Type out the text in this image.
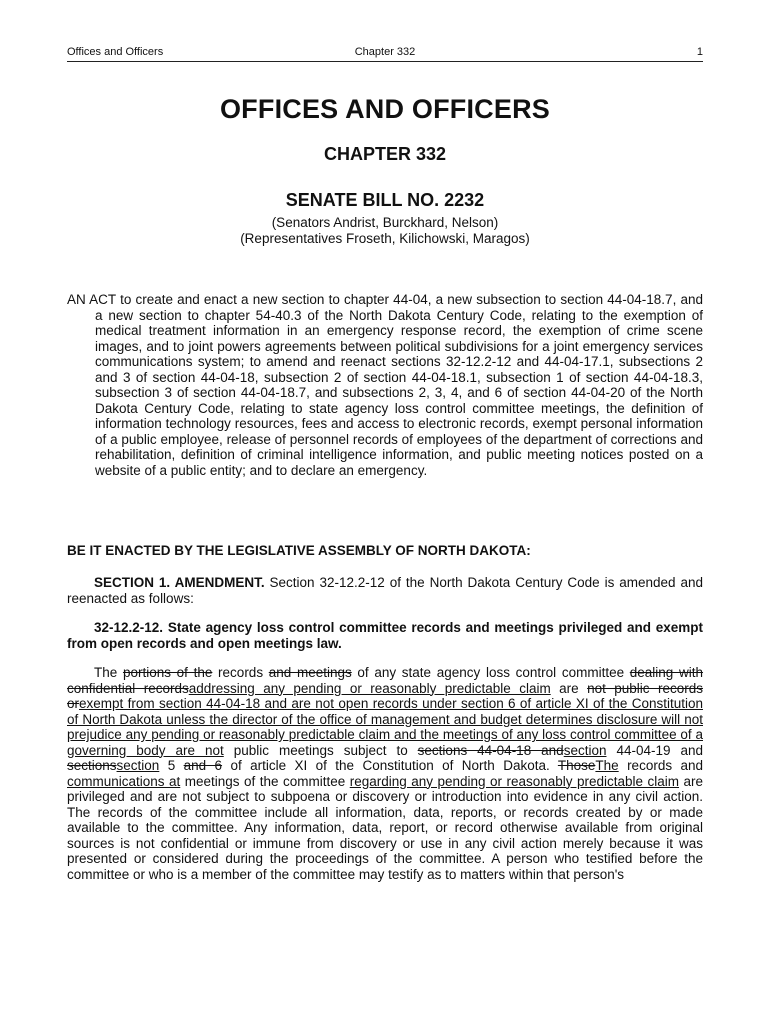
Offices and Officers	Chapter 332	1
OFFICES AND OFFICERS
CHAPTER 332
SENATE BILL NO. 2232
(Senators Andrist, Burckhard, Nelson)
(Representatives Froseth, Kilichowski, Maragos)
AN ACT to create and enact a new section to chapter 44-04, a new subsection to section 44-04-18.7, and a new section to chapter 54-40.3 of the North Dakota Century Code, relating to the exemption of medical treatment information in an emergency response record, the exemption of crime scene images, and to joint powers agreements between political subdivisions for a joint emergency services communications system; to amend and reenact sections 32-12.2-12 and 44-04-17.1, subsections 2 and 3 of section 44-04-18, subsection 2 of section 44-04-18.1, subsection 1 of section 44-04-18.3, subsection 3 of section 44-04-18.7, and subsections 2, 3, 4, and 6 of section 44-04-20 of the North Dakota Century Code, relating to state agency loss control committee meetings, the definition of information technology resources, fees and access to electronic records, exempt personal information of a public employee, release of personnel records of employees of the department of corrections and rehabilitation, definition of criminal intelligence information, and public meeting notices posted on a website of a public entity; and to declare an emergency.
BE IT ENACTED BY THE LEGISLATIVE ASSEMBLY OF NORTH DAKOTA:
SECTION 1. AMENDMENT. Section 32-12.2-12 of the North Dakota Century Code is amended and reenacted as follows:
32-12.2-12. State agency loss control committee records and meetings privileged and exempt from open records and open meetings law.
The portions of the records and meetings of any state agency loss control committee dealing with confidential recordsaddressing any pending or reasonably predictable claim are not public records orexempt from section 44-04-18 and are not open records under section 6 of article XI of the Constitution of North Dakota unless the director of the office of management and budget determines disclosure will not prejudice any pending or reasonably predictable claim and the meetings of any loss control committee of a governing body are not public meetings subject to sections 44-04-18 andsection 44-04-19 and sectionssection 5 and 6 of article XI of the Constitution of North Dakota. ThoseThe records and communications at meetings of the committee regarding any pending or reasonably predictable claim are privileged and are not subject to subpoena or discovery or introduction into evidence in any civil action. The records of the committee include all information, data, reports, or records created by or made available to the committee. Any information, data, report, or record otherwise available from original sources is not confidential or immune from discovery or use in any civil action merely because it was presented or considered during the proceedings of the committee. A person who testified before the committee or who is a member of the committee may testify as to matters within that person's
